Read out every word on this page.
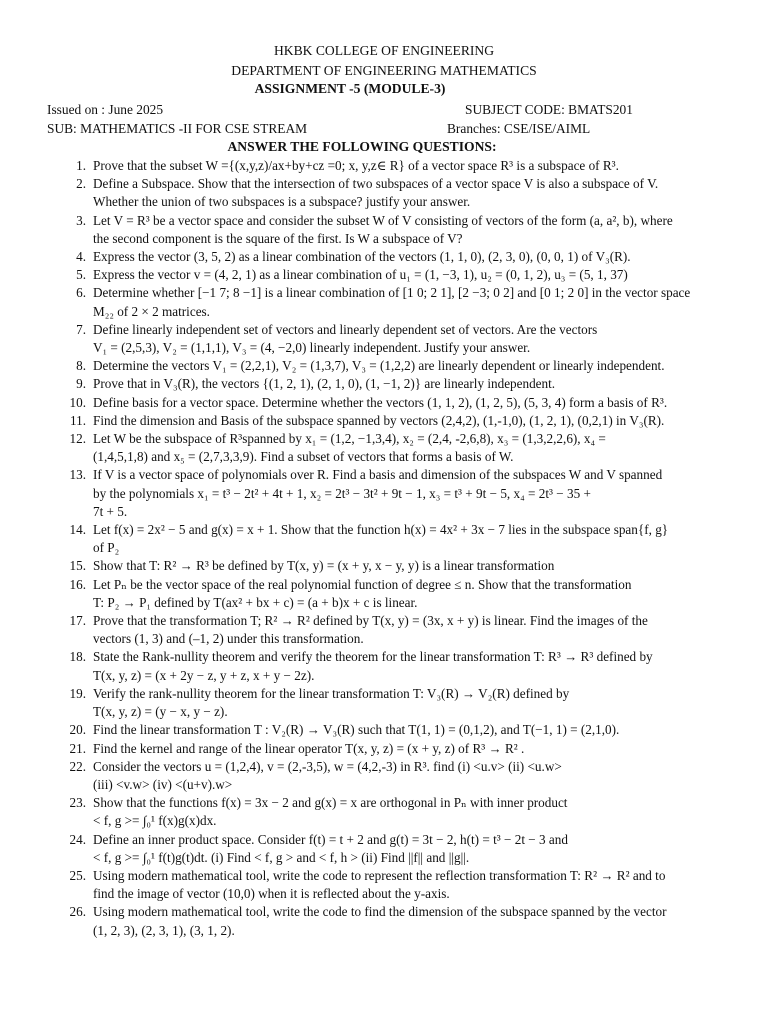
HKBK COLLEGE OF ENGINEERING
DEPARTMENT OF ENGINEERING MATHEMATICS
ASSIGNMENT -5 (MODULE-3)
Issued on : June 2025	SUBJECT CODE: BMATS201
SUB: MATHEMATICS -II FOR CSE STREAM	Branches: CSE/ISE/AIML
ANSWER THE FOLLOWING QUESTIONS:
1. Prove that the subset W ={(x,y,z)/ax+by+cz =0; x, y,z∈ R} of a vector space R³ is a subspace of R³.
2. Define a Subspace. Show that the intersection of two subspaces of a vector space V is also a subspace of V.
Whether the union of two subspaces is a subspace? justify your answer.
3. Let V = R³ be a vector space and consider the subset W of V consisting of vectors of the form (a, a², b), where
the second component is the square of the first. Is W a subspace of V?
4. Express the vector (3, 5, 2) as a linear combination of the vectors (1, 1, 0), (2, 3, 0), (0, 0, 1) of V₃(R).
5. Express the vector v = (4, 2, 1) as a linear combination of u₁ = (1, −3, 1), u₂ = (0, 1, 2), u₃ = (5, 1, 37)
6. Determine whether [−1 7; 8 −1] is a linear combination of [1 0; 2 1], [2 −3; 0 2] and [0 1; 2 0] in the vector space
M₂₂ of 2 × 2 matrices.
7. Define linearly independent set of vectors and linearly dependent set of vectors. Are the vectors
V₁ = (2,5,3), V₂ = (1,1,1), V₃ = (4, −2,0) linearly independent. Justify your answer.
8. Determine the vectors V₁ = (2,2,1), V₂ = (1,3,7), V₃ = (1,2,2) are linearly dependent or linearly independent.
9. Prove that in V₃(R), the vectors {(1, 2, 1), (2, 1, 0), (1, −1, 2)} are linearly independent.
10. Define basis for a vector space. Determine whether the vectors (1, 1, 2), (1, 2, 5), (5, 3, 4) form a basis of R³.
11. Find the dimension and Basis of the subspace spanned by vectors (2,4,2), (1,-1,0), (1, 2, 1), (0,2,1) in V₃(R).
12. Let W be the subspace of R³spanned by x₁ = (1,2, −1,3,4), x₂ = (2,4, -2,6,8), x₃ = (1,3,2,2,6), x₄ =
(1,4,5,1,8) and x₅ = (2,7,3,3,9). Find a subset of vectors that forms a basis of W.
13. If V is a vector space of polynomials over R. Find a basis and dimension of the subspaces W and V spanned
by the polynomials x₁ = t³ − 2t² + 4t + 1, x₂ = 2t³ − 3t² + 9t − 1, x₃ = t³ + 9t − 5, x₄ = 2t³ − 35 +
7t + 5.
14. Let f(x) = 2x² − 5 and g(x) = x + 1. Show that the function h(x) = 4x² + 3x − 7 lies in the subspace span{f, g}
of P₂
15. Show that T: R² → R³ be defined by T(x, y) = (x + y, x − y, y) is a linear transformation
16. Let Pₙ be the vector space of the real polynomial function of degree ≤ n. Show that the transformation
T: P₂ → P₁ defined by T(ax² + bx + c) = (a + b)x + c is linear.
17. Prove that the transformation T; R² → R² defined by T(x, y) = (3x, x + y) is linear. Find the images of the
vectors (1, 3) and (–1, 2) under this transformation.
18. State the Rank-nullity theorem and verify the theorem for the linear transformation T: R³ → R³ defined by
T(x, y, z) = (x + 2y − z, y + z, x + y − 2z).
19. Verify the rank-nullity theorem for the linear transformation T: V₃(R) → V₂(R) defined by
T(x, y, z) = (y − x, y − z).
20. Find the linear transformation T : V₂(R) → V₃(R) such that T(1, 1) = (0,1,2), and T(−1, 1) = (2,1,0).
21. Find the kernel and range of the linear operator T(x, y, z) = (x + y, z) of R³ → R² .
22. Consider the vectors u = (1,2,4), v = (2,-3,5), w = (4,2,-3) in R³. find (i) <u.v> (ii) <u.w>
(iii) <v.w> (iv) <(u+v).w>
23. Show that the functions f(x) = 3x − 2 and g(x) = x are orthogonal in Pₙ with inner product
< f, g >= ∫₀¹ f(x)g(x)dx.
24. Define an inner product space. Consider f(t) = t + 2 and g(t) = 3t − 2, h(t) = t³ − 2t − 3 and
< f, g >= ∫₀¹ f(t)g(t)dt. (i) Find < f, g > and < f, h > (ii) Find ||f|| and ||g||.
25. Using modern mathematical tool, write the code to represent the reflection transformation T: R² → R² and to
find the image of vector (10,0) when it is reflected about the y-axis.
26. Using modern mathematical tool, write the code to find the dimension of the subspace spanned by the vector
(1, 2, 3), (2, 3, 1), (3, 1, 2).
